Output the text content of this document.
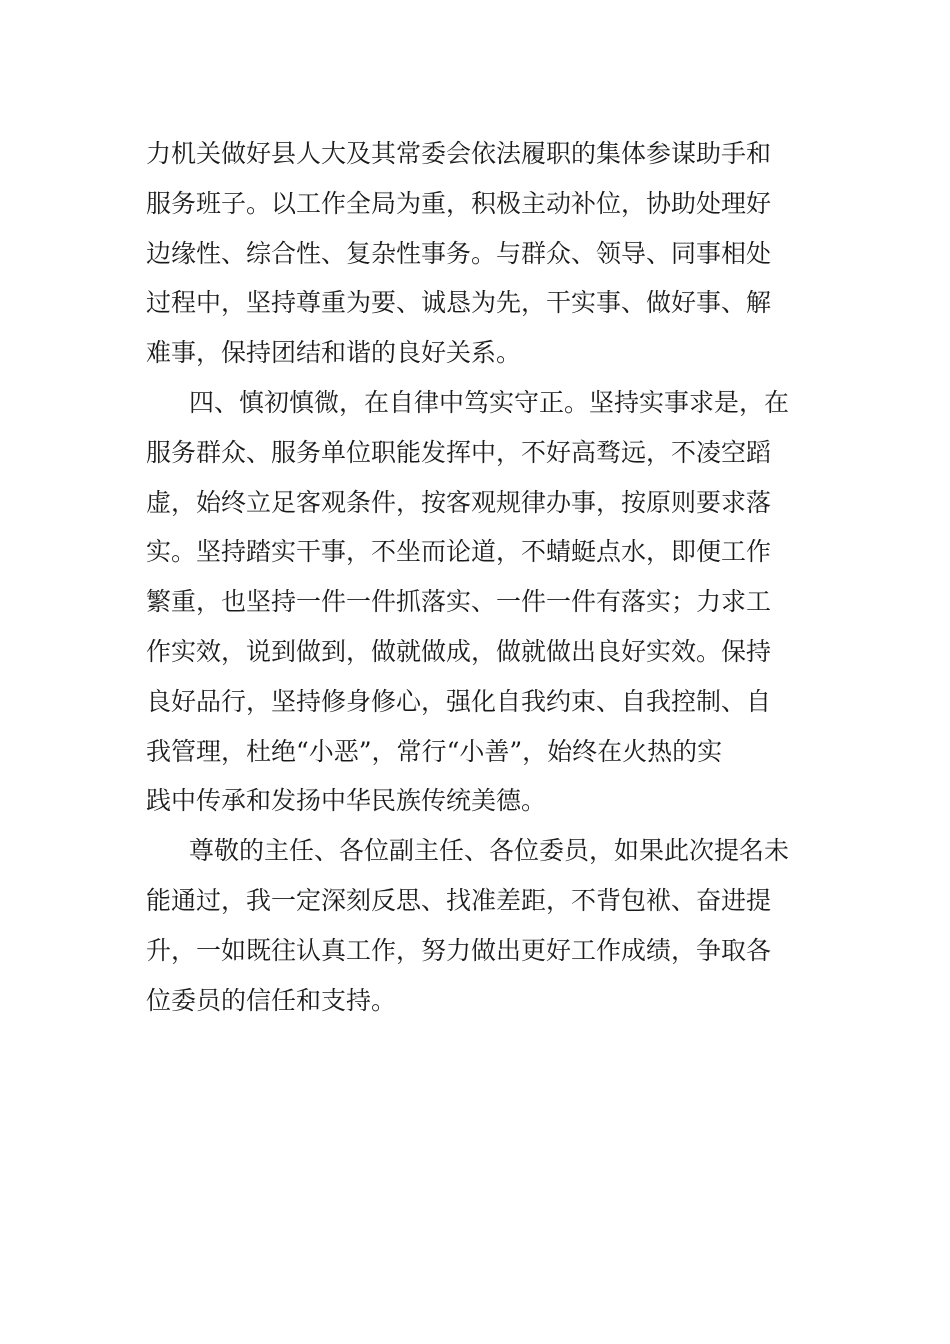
力机关做好县人大及其常委会依法履职的集体参谋助手和
服务班子。以工作全局为重，积极主动补位，协助处理好
边缘性、综合性、复杂性事务。与群众、领导、同事相处
过程中，坚持尊重为要、诚恳为先，干实事、做好事、解
难事，保持团结和谐的良好关系。
四、慎初慎微，在自律中笃实守正。坚持实事求是，在
服务群众、服务单位职能发挥中，不好高骛远，不凌空蹈
虚，始终立足客观条件，按客观规律办事，按原则要求落
实。坚持踏实干事，不坐而论道，不蜻蜓点水，即便工作
繁重，也坚持一件一件抓落实、一件一件有落实；力求工
作实效，说到做到，做就做成，做就做出良好实效。保持
良好品行，坚持修身修心，强化自我约束、自我控制、自
我管理，杜绝“小恶”，常行“小善”，始终在火热的实
践中传承和发扬中华民族传统美德。
尊敬的主任、各位副主任、各位委员，如果此次提名未
能通过，我一定深刻反思、找准差距，不背包袱、奋进提
升，一如既往认真工作，努力做出更好工作成绩，争取各
位委员的信任和支持。
